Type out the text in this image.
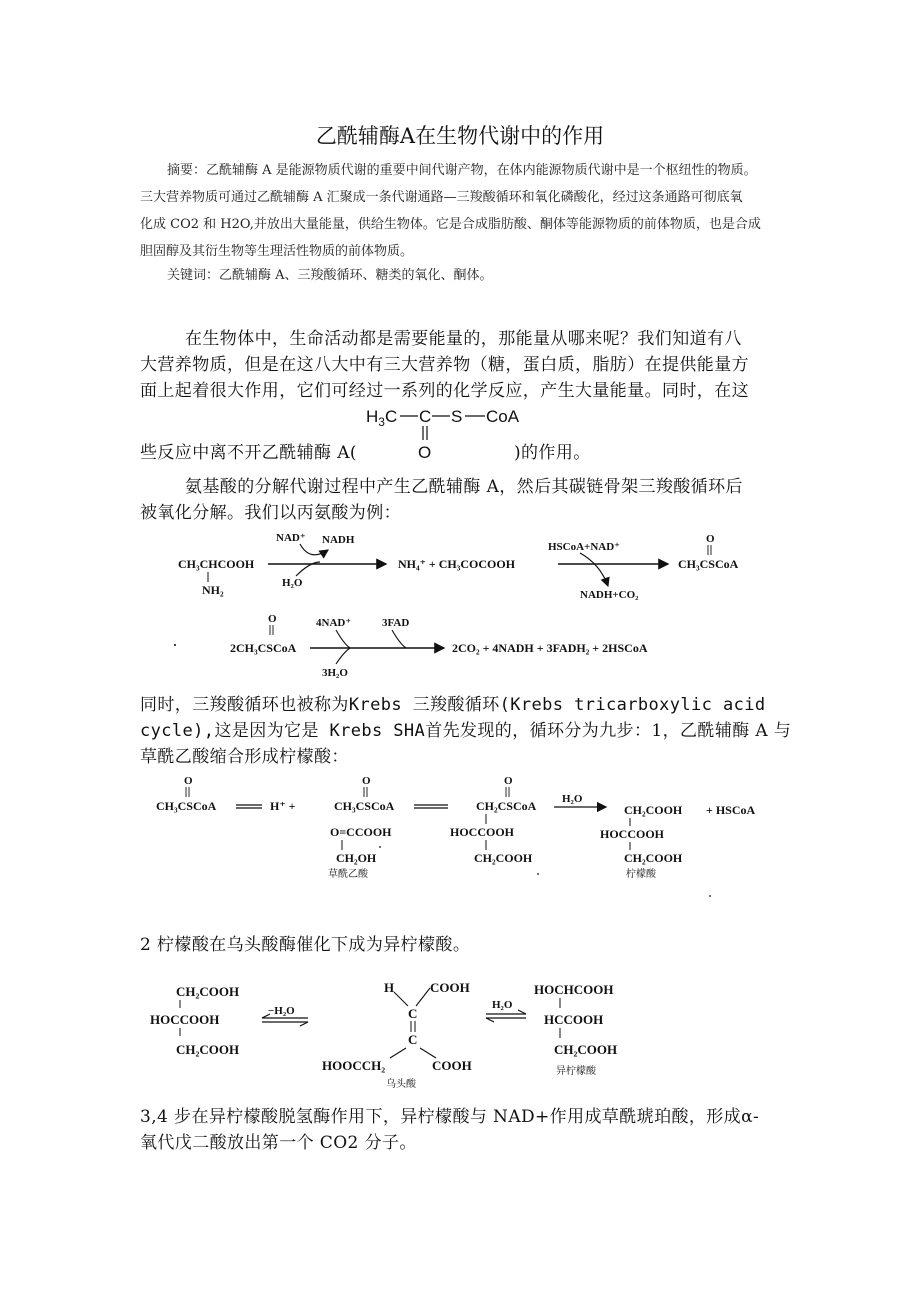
乙酰辅酶A在生物代谢中的作用
摘要：乙酰辅酶 A 是能源物质代谢的重要中间代谢产物，在体内能源物质代谢中是一个枢纽性的物质。
三大营养物质可通过乙酰辅酶 A 汇聚成一条代谢通路—三羧酸循环和氧化磷酸化，经过这条通路可彻底氧
化成 CO2 和 H2O,并放出大量能量，供给生物体。它是合成脂肪酸、酮体等能源物质的前体物质，也是合成
胆固醇及其衍生物等生理活性物质的前体物质。
关键词：乙酰辅酶 A、三羧酸循环、糖类的氧化、酮体。
在生物体中，生命活动都是需要能量的，那能量从哪来呢？我们知道有八
大营养物质，但是在这八大中有三大营养物（糖，蛋白质，脂肪）在提供能量方
面上起着很大作用，它们可经过一系列的化学反应，产生大量能量。同时，在这
些反应中离不开乙酰辅酶 A(	)的作用。
$H_3C$ C S CoA
O
氨基酸的分解代谢过程中产生乙酰辅酶 A，然后其碳链骨架三羧酸循环后
被氧化分解。我们以丙氨酸为例：
CH₃CHCOOH
NH₂
NAD⁺ NADH
H₂O
NH₄⁺ + CH₃COCOOH
HSCoA+NAD⁺
NADH+CO₂
O
CH₃CSCoA
O
2CH₃CSCoA
4NAD⁺	3FAD
3H₂O
2CO₂ + 4NADH + 3FADH₂ + 2HSCoA
同时，三羧酸循环也被称为Krebs 三羧酸循环(Krebs tricarboxylic acid
cycle),这是因为它是 Krebs SHA首先发现的，循环分为九步：1，乙酰辅酶 A 与
草酰乙酸缩合形成柠檬酸：
O
CH₃CSCoA	H⁺ +
O
CH₃CSCoA
O=CCOOH
CH₂OH
草酰乙酸
O
CH₂CSCoA
HOCCOOH
CH₂COOH
H₂O
CH₂COOH + HSCoA
HOCCOOH
CH₂COOH
柠檬酸
2 柠檬酸在乌头酸酶催化下成为异柠檬酸。
CH₂COOH
HOCCOOH
CH₂COOH
−H₂O
H	COOH
C
C
HOOCCH₂	COOH
乌头酸
H₂O
HOCHCOOH
HCCOOH
CH₂COOH
异柠檬酸
3,4 步在异柠檬酸脱氢酶作用下，异柠檬酸与 NAD+作用成草酰琥珀酸，形成α-
氧代戊二酸放出第一个 CO2 分子。
